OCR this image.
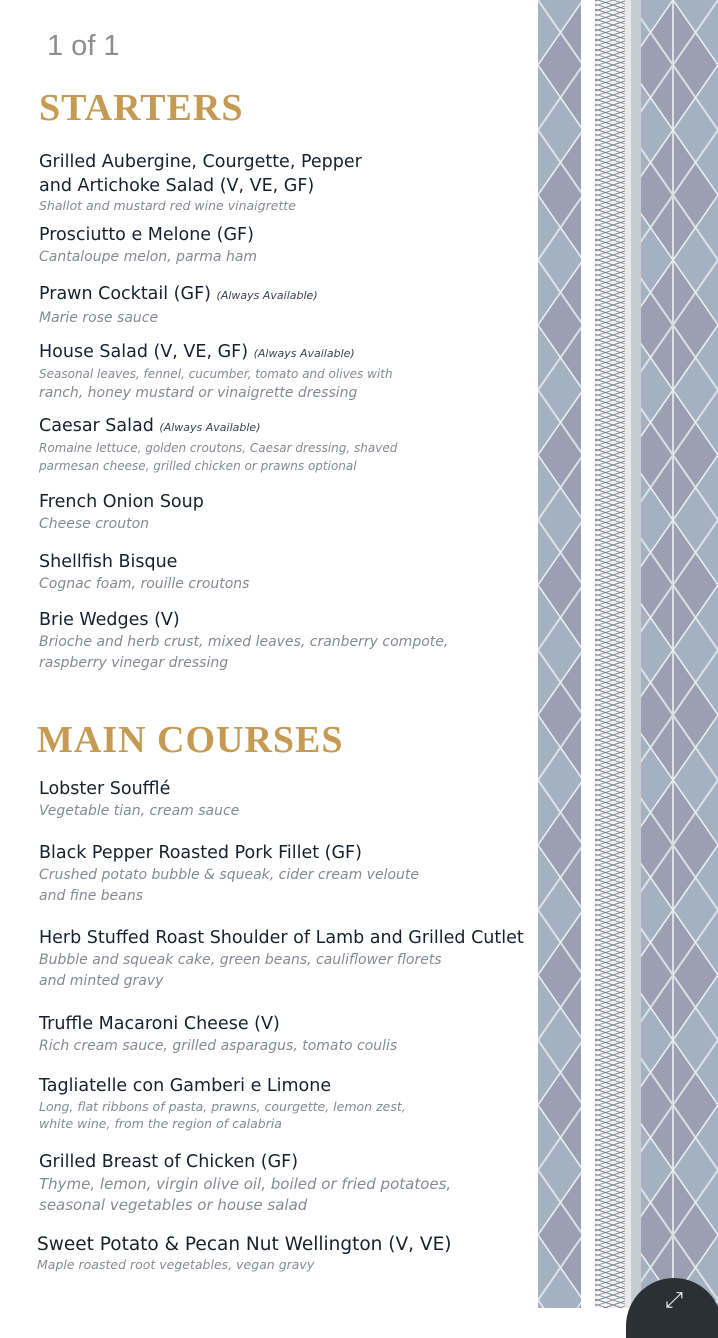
1 of 1
STARTERS
Grilled Aubergine, Courgette, Pepper
and Artichoke Salad (V, VE, GF)
Shallot and mustard red wine vinaigrette
Prosciutto e Melone (GF)
Cantaloupe melon, parma ham
Prawn Cocktail (GF) (Always Available)
Marie rose sauce
House Salad (V, VE, GF) (Always Available)
Seasonal leaves, fennel, cucumber, tomato and olives with
ranch, honey mustard or vinaigrette dressing
Caesar Salad (Always Available)
Romaine lettuce, golden croutons, Caesar dressing, shaved
parmesan cheese, grilled chicken or prawns optional
French Onion Soup
Cheese crouton
Shellfish Bisque
Cognac foam, rouille croutons
Brie Wedges (V)
Brioche and herb crust, mixed leaves, cranberry compote,
raspberry vinegar dressing
MAIN COURSES
Lobster Soufflé
Vegetable tian, cream sauce
Black Pepper Roasted Pork Fillet (GF)
Crushed potato bubble & squeak, cider cream veloute
and fine beans
Herb Stuffed Roast Shoulder of Lamb and Grilled Cutlet
Bubble and squeak cake, green beans, cauliflower florets
and minted gravy
Truffle Macaroni Cheese (V)
Rich cream sauce, grilled asparagus, tomato coulis
Tagliatelle con Gamberi e Limone
Long, flat ribbons of pasta, prawns, courgette, lemon zest,
white wine, from the region of calabria
Grilled Breast of Chicken (GF)
Thyme, lemon, virgin olive oil, boiled or fried potatoes,
seasonal vegetables or house salad
Sweet Potato & Pecan Nut Wellington (V, VE)
Maple roasted root vegetables, vegan gravy
⤢
